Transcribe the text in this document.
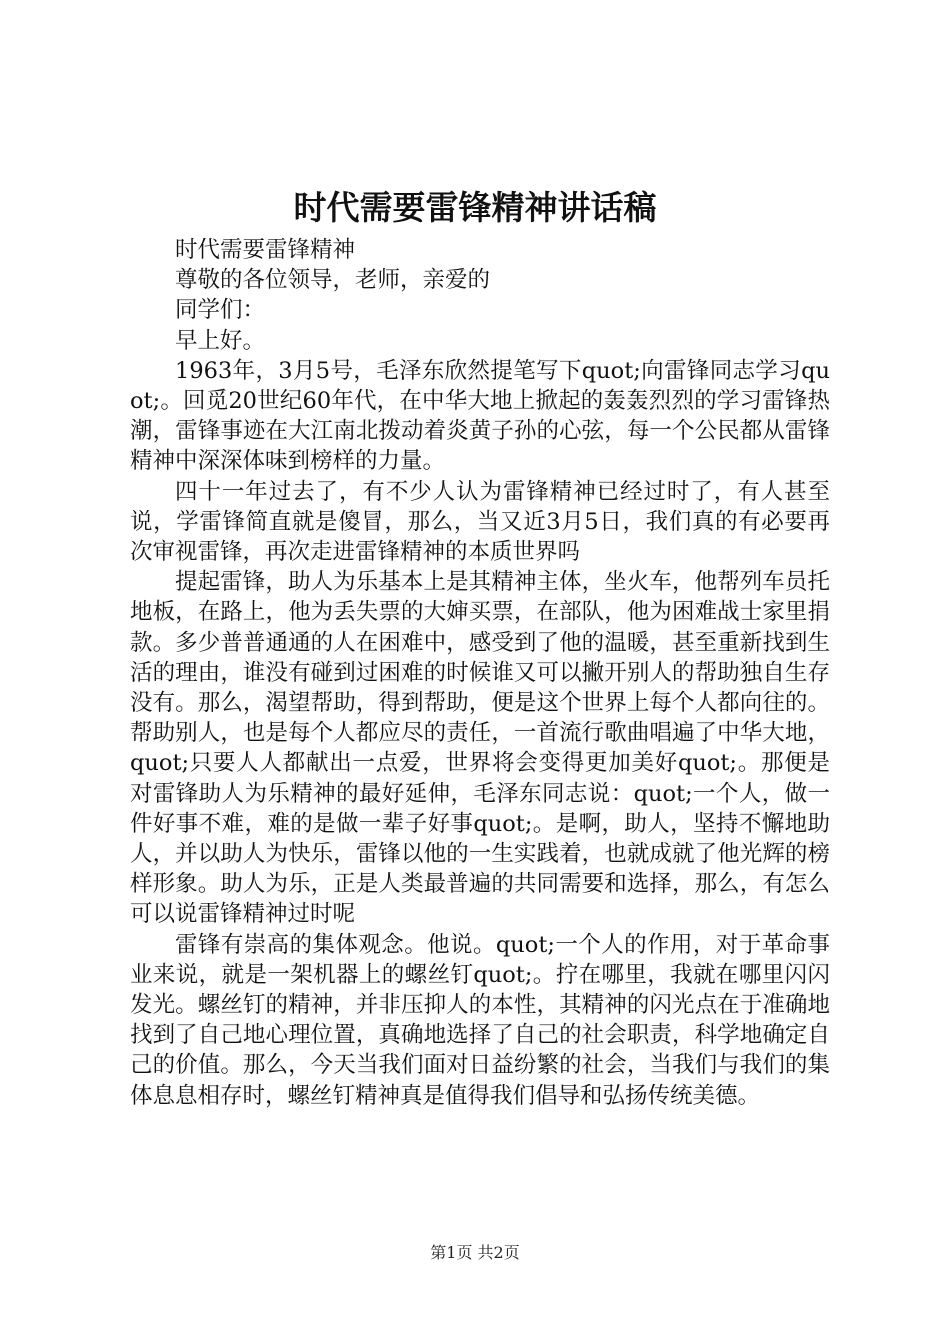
时代需要雷锋精神讲话稿

时代需要雷锋精神

尊敬的各位领导，老师，亲爱的

同学们：

早上好。

1963年，3月5号，毛泽东欣然提笔写下quot;向雷锋同志学习quot;。回觅20世纪60年代，在中华大地上掀起的轰轰烈烈的学习雷锋热潮，雷锋事迹在大江南北拨动着炎黄子孙的心弦，每一个公民都从雷锋精神中深深体味到榜样的力量。

四十一年过去了，有不少人认为雷锋精神已经过时了，有人甚至说，学雷锋简直就是傻冒，那么，当又近3月5日，我们真的有必要再次审视雷锋，再次走进雷锋精神的本质世界吗

提起雷锋，助人为乐基本上是其精神主体，坐火车，他帮列车员托地板，在路上，他为丢失票的大婶买票，在部队，他为困难战士家里捐款。多少普普通通的人在困难中，感受到了他的温暖，甚至重新找到生活的理由，谁没有碰到过困难的时候谁又可以撇开别人的帮助独自生存没有。那么，渴望帮助，得到帮助，便是这个世界上每个人都向往的。帮助别人，也是每个人都应尽的责任，一首流行歌曲唱遍了中华大地，quot;只要人人都献出一点爱，世界将会变得更加美好quot;。那便是对雷锋助人为乐精神的最好延伸，毛泽东同志说：quot;一个人，做一件好事不难，难的是做一辈子好事quot;。是啊，助人，坚持不懈地助人，并以助人为快乐，雷锋以他的一生实践着，也就成就了他光辉的榜样形象。助人为乐，正是人类最普遍的共同需要和选择，那么，有怎么可以说雷锋精神过时呢

雷锋有崇高的集体观念。他说。quot;一个人的作用，对于革命事业来说，就是一架机器上的螺丝钉quot;。拧在哪里，我就在哪里闪闪发光。螺丝钉的精神，并非压抑人的本性，其精神的闪光点在于准确地找到了自己地心理位置，真确地选择了自己的社会职责，科学地确定自己的价值。那么，今天当我们面对日益纷繁的社会，当我们与我们的集体息息相存时，螺丝钉精神真是值得我们倡导和弘扬传统美德。

第1页 共2页
